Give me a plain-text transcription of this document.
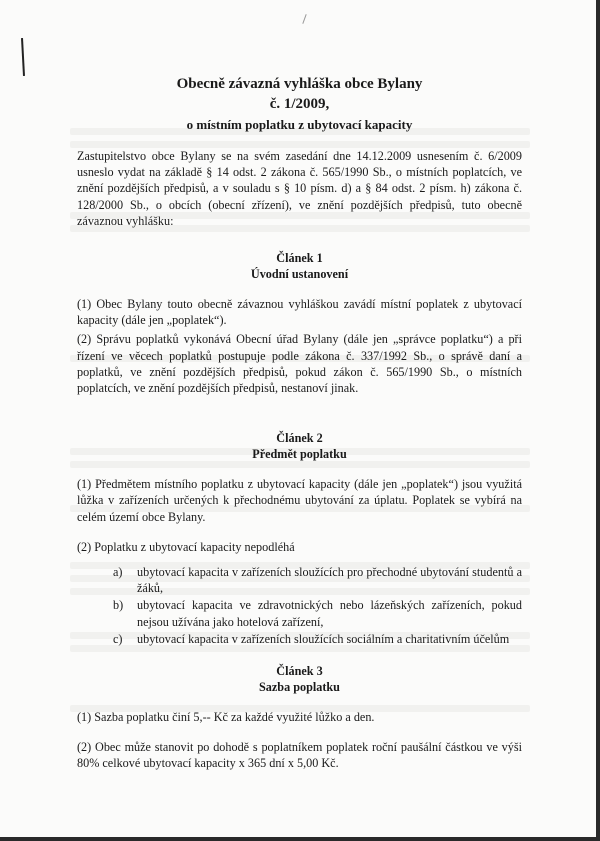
Obecně závazná vyhláška obce Bylany
č. 1/2009,
o místním poplatku z ubytovací kapacity

Zastupitelstvo obce Bylany se na svém zasedání dne 14.12.2009 usnesením č. 6/2009 usneslo vydat na základě § 14 odst. 2 zákona č. 565/1990 Sb., o místních poplatcích, ve znění pozdějších předpisů, a v souladu s § 10 písm. d) a § 84 odst. 2 písm. h) zákona č. 128/2000 Sb., o obcích (obecní zřízení), ve znění pozdějších předpisů, tuto obecně závaznou vyhlášku:

Článek 1
Úvodní ustanovení

(1) Obec Bylany touto obecně závaznou vyhláškou zavádí místní poplatek z ubytovací kapacity (dále jen „poplatek“).

(2) Správu poplatků vykonává Obecní úřad Bylany (dále jen „správce poplatku“) a při řízení ve věcech poplatků postupuje podle zákona č. 337/1992 Sb., o správě daní a poplatků, ve znění pozdějších předpisů, pokud zákon č. 565/1990 Sb., o místních poplatcích, ve znění pozdějších předpisů, nestanoví jinak.

Článek 2
Předmět poplatku

(1) Předmětem místního poplatku z ubytovací kapacity (dále jen „poplatek“) jsou využitá lůžka v zařízeních určených k přechodnému ubytování za úplatu. Poplatek se vybírá na celém území obce Bylany.

(2) Poplatku z ubytovací kapacity nepodléhá

a) ubytovací kapacita v zařízeních sloužících pro přechodné ubytování studentů a žáků,
b) ubytovací kapacita ve zdravotnických nebo lázeňských zařízeních, pokud nejsou užívána jako hotelová zařízení,
c) ubytovací kapacita v zařízeních sloužících sociálním a charitativním účelům
Článek 3
Sazba poplatku

(1) Sazba poplatku činí 5,-- Kč za každé využité lůžko a den.

(2) Obec může stanovit po dohodě s poplatníkem poplatek roční paušální částkou ve výši 80% celkové ubytovací kapacity x 365 dní x 5,00 Kč.
